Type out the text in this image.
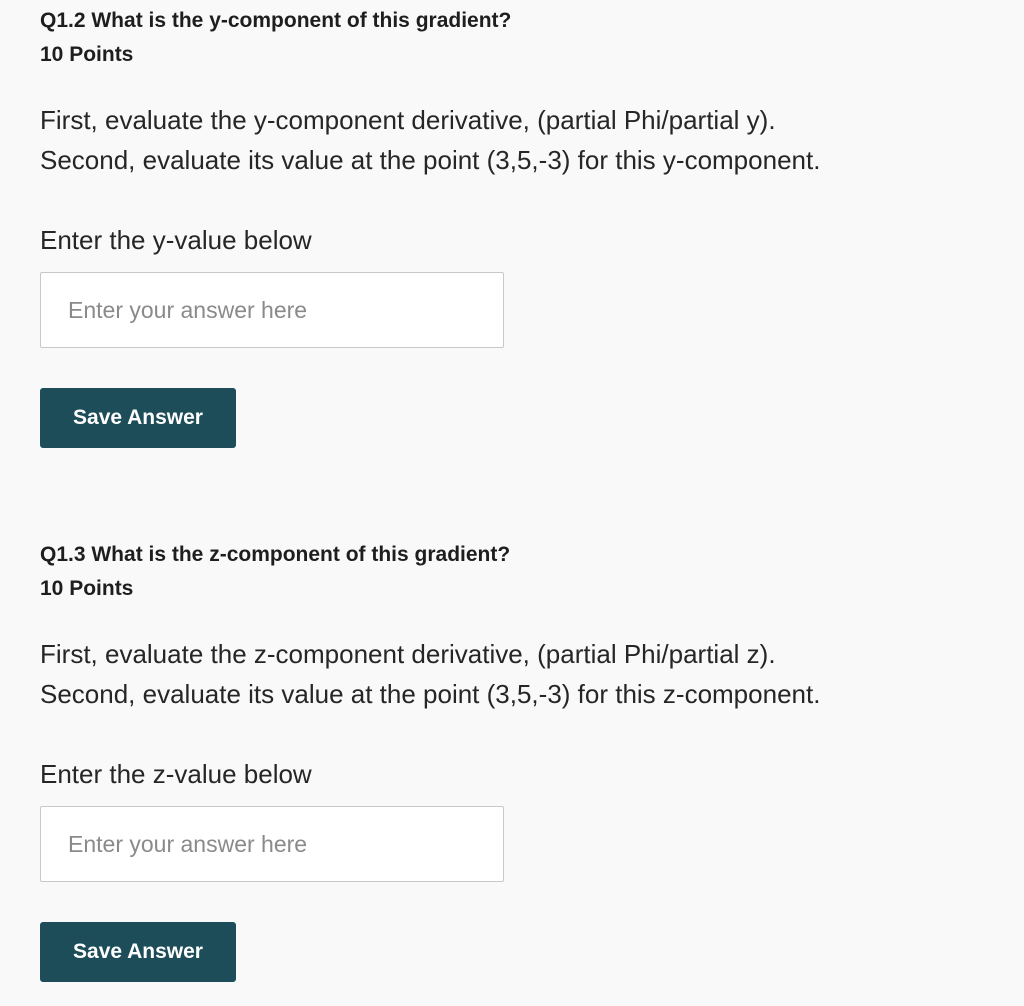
Q1.2 What is the y-component of this gradient?
10 Points

First, evaluate the y-component derivative, (partial Phi/partial y).

Second, evaluate its value at the point (3,5,-3) for this y-component.

Enter the y-value below
Enter your answer here
Save Answer
Q1.3 What is the z-component of this gradient?
10 Points

First, evaluate the z-component derivative, (partial Phi/partial z).

Second, evaluate its value at the point (3,5,-3) for this z-component.

Enter the z-value below
Enter your answer here
Save Answer
